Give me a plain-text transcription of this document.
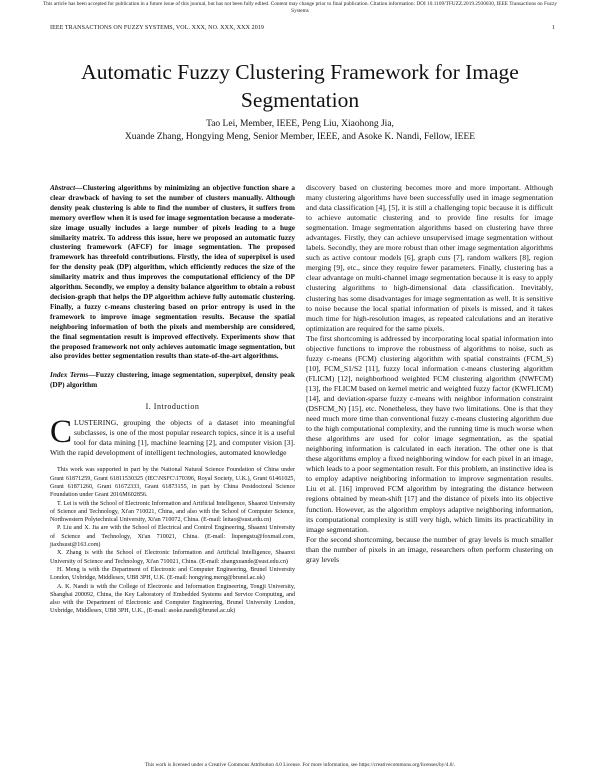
This article has been accepted for publication in a future issue of this journal, but has not been fully edited. Content may change prior to final publication. Citation information: DOI 10.1109/TFUZZ.2019.2930030, IEEE Transactions on Fuzzy Systems
IEEE TRANSACTIONS ON FUZZY SYSTEMS, VOL. XXX, NO. XXX, XXX 2019	1
Automatic Fuzzy Clustering Framework for Image Segmentation
Tao Lei, Member, IEEE, Peng Liu, Xiaohong Jia,
Xuande Zhang, Hongying Meng, Senior Member, IEEE, and Asoke K. Nandi, Fellow, IEEE

Abstract—Clustering algorithms by minimizing an objective function share a clear drawback of having to set the number of clusters manually. Although density peak clustering is able to find the number of clusters, it suffers from memory overflow when it is used for image segmentation because a moderate-size image usually includes a large number of pixels leading to a huge similarity matrix. To address this issue, here we proposed an automatic fuzzy clustering framework (AFCF) for image segmentation. The proposed framework has threefold contributions. Firstly, the idea of superpixel is used for the density peak (DP) algorithm, which efficiently reduces the size of the similarity matrix and thus improves the computational efficiency of the DP algorithm. Secondly, we employ a density balance algorithm to obtain a robust decision-graph that helps the DP algorithm achieve fully automatic clustering. Finally, a fuzzy c-means clustering based on prior entropy is used in the framework to improve image segmentation results. Because the spatial neighboring information of both the pixels and membership are considered, the final segmentation result is improved effectively. Experiments show that the proposed framework not only achieves automatic image segmentation, but also provides better segmentation results than state-of-the-art algorithms.

Index Terms—Fuzzy clustering, image segmentation, superpixel, density peak (DP) algorithm

I. Introduction

CLUSTERING, grouping the objects of a dataset into meaningful subclasses, is one of the most popular research topics, since it is a useful tool for data mining [1], machine learning [2], and computer vision [3]. With the rapid development of intelligent technologies, automated knowledge

This work was supported in part by the National Natural Science Foundation of China under Grant 61871259, Grant 61811530325 (IEC\NSFC\170396, Royal Society, U.K.), Grant 61461025, Grant 61871260, Grant 61672333, Grant 61873155, in part by China Postdoctoral Science Foundation under Grant 2016M602856.

T. Lei is with the School of Electronic Information and Artificial Intelligence, Shaanxi University of Science and Technology, Xi'an 710021, China, and also with the School of Computer Science, Northwestern Polytechnical University, Xi'an 710072, China. (E-mail: leitao@sust.edu.cn)

P. Liu and X. Jia are with the School of Electrical and Control Engineering, Shaanxi University of Science and Technology, Xi'an 710021, China. (E-mail: liupengstu@foxmail.com, jiaxhsust@163.com)

X. Zhang is with the School of Electronic Information and Artificial Intelligence, Shaanxi University of Science and Technology, Xi'an 710021, China. (E-mail: zhangxuande@sust.edu.cn)

H. Meng is with the Department of Electronic and Computer Engineering, Brunel University London, Uxbridge, Middlesex, UB8 3PH, U.K. (E-mail: hongying.meng@brunel.ac.uk)

A. K. Nandi is with the College of Electronic and Information Engineering, Tongji University, Shanghai 200092, China, the Key Laboratory of Embedded Systems and Service Computing, and also with the Department of Electronic and Computer Engineering, Brunel University London, Uxbridge, Middlesex, UB8 3PH, U.K., (E-mail: asoke.nandi@brunel.ac.uk)

discovery based on clustering becomes more and more important. Although many clustering algorithms have been successfully used in image segmentation and data classification [4], [5], it is still a challenging topic because it is difficult to achieve automatic clustering and to provide fine results for image segmentation. Image segmentation algorithms based on clustering have three advantages. Firstly, they can achieve unsupervised image segmentation without labels. Secondly, they are more robust than other image segmentation algorithms such as active contour models [6], graph cuts [7], random walkers [8], region merging [9], etc., since they require fewer parameters. Finally, clustering has a clear advantage on multi-channel image segmentation because it is easy to apply clustering algorithms to high-dimensional data classification. Inevitably, clustering has some disadvantages for image segmentation as well. It is sensitive to noise because the local spatial information of pixels is missed, and it takes much time for high-resolution images, as repeated calculations and an iterative optimization are required for the same pixels.

The first shortcoming is addressed by incorporating local spatial information into objective functions to improve the robustness of algorithms to noise, such as fuzzy c-means (FCM) clustering algorithm with spatial constraints (FCM_S) [10], FCM_S1/S2 [11], fuzzy local information c-means clustering algorithm (FLICM) [12], neighborhood weighted FCM clustering algorithm (NWFCM) [13], the FLICM based on kernel metric and weighted fuzzy factor (KWFLICM) [14], and deviation-sparse fuzzy c-means with neighbor information constraint (DSFCM_N) [15], etc. Nonetheless, they have two limitations. One is that they need much more time than conventional fuzzy c-means clustering algorithm due to the high computational complexity, and the running time is much worse when these algorithms are used for color image segmentation, as the spatial neighboring information is calculated in each iteration. The other one is that these algorithms employ a fixed neighboring window for each pixel in an image, which leads to a poor segmentation result. For this problem, an instinctive idea is to employ adaptive neighboring information to improve segmentation results. Liu et al. [16] improved FCM algorithm by integrating the distance between regions obtained by mean-shift [17] and the distance of pixels into its objective function. However, as the algorithm employs adaptive neighboring information, its computational complexity is still very high, which limits its practicability in image segmentation.

For the second shortcoming, because the number of gray levels is much smaller than the number of pixels in an image, researchers often perform clustering on gray levels

This work is licensed under a Creative Commons Attribution 4.0 License. For more information, see https://creativecommons.org/licenses/by/4.0/.
